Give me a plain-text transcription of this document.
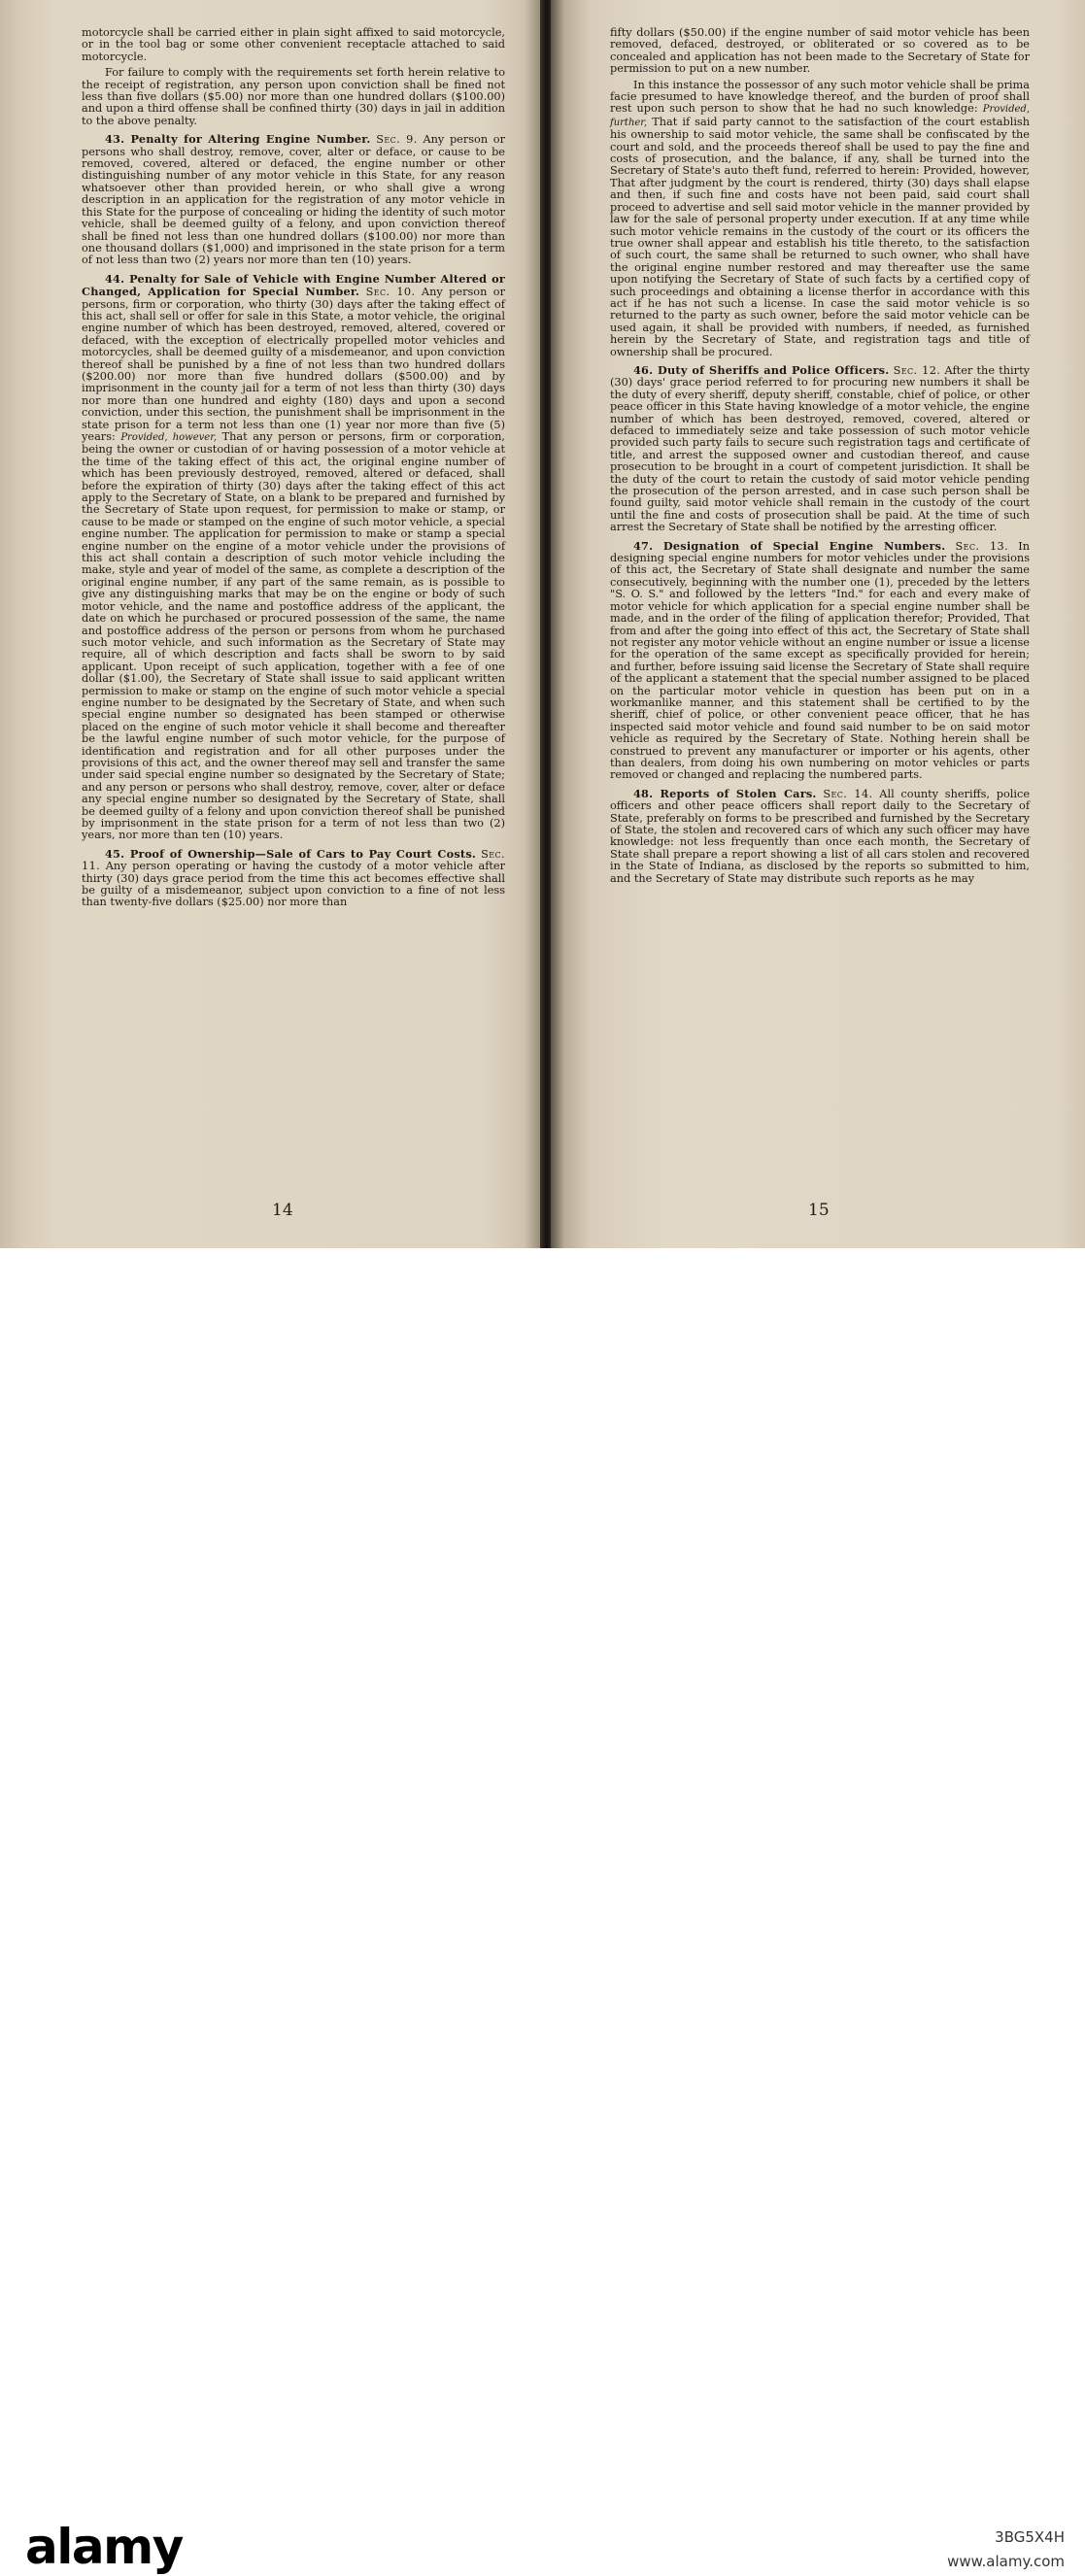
motorcycle shall be carried either in plain sight affixed to said motorcycle, or in the tool bag or some other convenient receptacle attached to said motorcycle.

For failure to comply with the requirements set forth herein relative to the receipt of registration, any person upon conviction shall be fined not less than five dollars ($5.00) nor more than one hundred dollars ($100.00) and upon a third offense shall be confined thirty (30) days in jail in addition to the above penalty.

43. Penalty for Altering Engine Number. Sec. 9. Any person or persons who shall destroy, remove, cover, alter or deface, or cause to be removed, covered, altered or defaced, the engine number or other distinguishing number of any motor vehicle in this State, for any reason whatsoever other than provided herein, or who shall give a wrong description in an application for the registration of any motor vehicle in this State for the purpose of concealing or hiding the identity of such motor vehicle, shall be deemed guilty of a felony, and upon conviction thereof shall be fined not less than one hundred dollars ($100.00) nor more than one thousand dollars ($1,000) and imprisoned in the state prison for a term of not less than two (2) years nor more than ten (10) years.

44. Penalty for Sale of Vehicle with Engine Number Altered or Changed, Application for Special Number. Sec. 10. Any person or persons, firm or corporation, who thirty (30) days after the taking effect of this act, shall sell or offer for sale in this State, a motor vehicle, the original engine number of which has been destroyed, removed, altered, covered or defaced, with the exception of electrically propelled motor vehicles and motorcycles, shall be deemed guilty of a misdemeanor, and upon conviction thereof shall be punished by a fine of not less than two hundred dollars ($200.00) nor more than five hundred dollars ($500.00) and by imprisonment in the county jail for a term of not less than thirty (30) days nor more than one hundred and eighty (180) days and upon a second conviction, under this section, the punishment shall be imprisonment in the state prison for a term not less than one (1) year nor more than five (5) years: Provided, however, That any person or persons, firm or corporation, being the owner or custodian of or having possession of a motor vehicle at the time of the taking effect of this act, the original engine number of which has been previously destroyed, removed, altered or defaced, shall before the expiration of thirty (30) days after the taking effect of this act apply to the Secretary of State, on a blank to be prepared and furnished by the Secretary of State upon request, for permission to make or stamp, or cause to be made or stamped on the engine of such motor vehicle, a special engine number. The application for permission to make or stamp a special engine number on the engine of a motor vehicle under the provisions of this act shall contain a description of such motor vehicle including the make, style and year of model of the same, as complete a description of the original engine number, if any part of the same remain, as is possible to give any distinguishing marks that may be on the engine or body of such motor vehicle, and the name and postoffice address of the applicant, the date on which he purchased or procured possession of the same, the name and postoffice address of the person or persons from whom he purchased such motor vehicle, and such information as the Secretary of State may require, all of which description and facts shall be sworn to by said applicant. Upon receipt of such application, together with a fee of one dollar ($1.00), the Secretary of State shall issue to said applicant written permission to make or stamp on the engine of such motor vehicle a special engine number to be designated by the Secretary of State, and when such special engine number so designated has been stamped or otherwise placed on the engine of such motor vehicle it shall become and thereafter be the lawful engine number of such motor vehicle, for the purpose of identification and registration and for all other purposes under the provisions of this act, and the owner thereof may sell and transfer the same under said special engine number so designated by the Secretary of State; and any person or persons who shall destroy, remove, cover, alter or deface any special engine number so designated by the Secretary of State, shall be deemed guilty of a felony and upon conviction thereof shall be punished by imprisonment in the state prison for a term of not less than two (2) years, nor more than ten (10) years.

45. Proof of Ownership—Sale of Cars to Pay Court Costs. Sec. 11. Any person operating or having the custody of a motor vehicle after thirty (30) days grace period from the time this act becomes effective shall be guilty of a misdemeanor, subject upon conviction to a fine of not less than twenty-five dollars ($25.00) nor more than

14

fifty dollars ($50.00) if the engine number of said motor vehicle has been removed, defaced, destroyed, or obliterated or so covered as to be concealed and application has not been made to the Secretary of State for permission to put on a new number.

In this instance the possessor of any such motor vehicle shall be prima facie presumed to have knowledge thereof, and the burden of proof shall rest upon such person to show that he had no such knowledge: Provided, further, That if said party cannot to the satisfaction of the court establish his ownership to said motor vehicle, the same shall be confiscated by the court and sold, and the proceeds thereof shall be used to pay the fine and costs of prosecution, and the balance, if any, shall be turned into the Secretary of State's auto theft fund, referred to herein: Provided, however, That after judgment by the court is rendered, thirty (30) days shall elapse and then, if such fine and costs have not been paid, said court shall proceed to advertise and sell said motor vehicle in the manner provided by law for the sale of personal property under execution. If at any time while such motor vehicle remains in the custody of the court or its officers the true owner shall appear and establish his title thereto, to the satisfaction of such court, the same shall be returned to such owner, who shall have the original engine number restored and may thereafter use the same upon notifying the Secretary of State of such facts by a certified copy of such proceedings and obtaining a license therfor in accordance with this act if he has not such a license. In case the said motor vehicle is so returned to the party as such owner, before the said motor vehicle can be used again, it shall be provided with numbers, if needed, as furnished herein by the Secretary of State, and registration tags and title of ownership shall be procured.

46. Duty of Sheriffs and Police Officers. Sec. 12. After the thirty (30) days' grace period referred to for procuring new numbers it shall be the duty of every sheriff, deputy sheriff, constable, chief of police, or other peace officer in this State having knowledge of a motor vehicle, the engine number of which has been destroyed, removed, covered, altered or defaced to immediately seize and take possession of such motor vehicle provided such party fails to secure such registration tags and certificate of title, and arrest the supposed owner and custodian thereof, and cause prosecution to be brought in a court of competent jurisdiction. It shall be the duty of the court to retain the custody of said motor vehicle pending the prosecution of the person arrested, and in case such person shall be found guilty, said motor vehicle shall remain in the custody of the court until the fine and costs of prosecution shall be paid. At the time of such arrest the Secretary of State shall be notified by the arresting officer.

47. Designation of Special Engine Numbers. Sec. 13. In designing special engine numbers for motor vehicles under the provisions of this act, the Secretary of State shall designate and number the same consecutively, beginning with the number one (1), preceded by the letters "S. O. S." and followed by the letters "Ind." for each and every make of motor vehicle for which application for a special engine number shall be made, and in the order of the filing of application therefor; Provided, That from and after the going into effect of this act, the Secretary of State shall not register any motor vehicle without an engine number or issue a license for the operation of the same except as specifically provided for herein; and further, before issuing said license the Secretary of State shall require of the applicant a statement that the special number assigned to be placed on the particular motor vehicle in question has been put on in a workmanlike manner, and this statement shall be certified to by the sheriff, chief of police, or other convenient peace officer, that he has inspected said motor vehicle and found said number to be on said motor vehicle as required by the Secretary of State. Nothing herein shall be construed to prevent any manufacturer or importer or his agents, other than dealers, from doing his own numbering on motor vehicles or parts removed or changed and replacing the numbered parts.

48. Reports of Stolen Cars. Sec. 14. All county sheriffs, police officers and other peace officers shall report daily to the Secretary of State, preferably on forms to be prescribed and furnished by the Secretary of State, the stolen and recovered cars of which any such officer may have knowledge: not less frequently than once each month, the Secretary of State shall prepare a report showing a list of all cars stolen and recovered in the State of Indiana, as disclosed by the reports so submitted to him, and the Secretary of State may distribute such reports as he may

15
alamy	3BG5X4H
www.alamy.com
